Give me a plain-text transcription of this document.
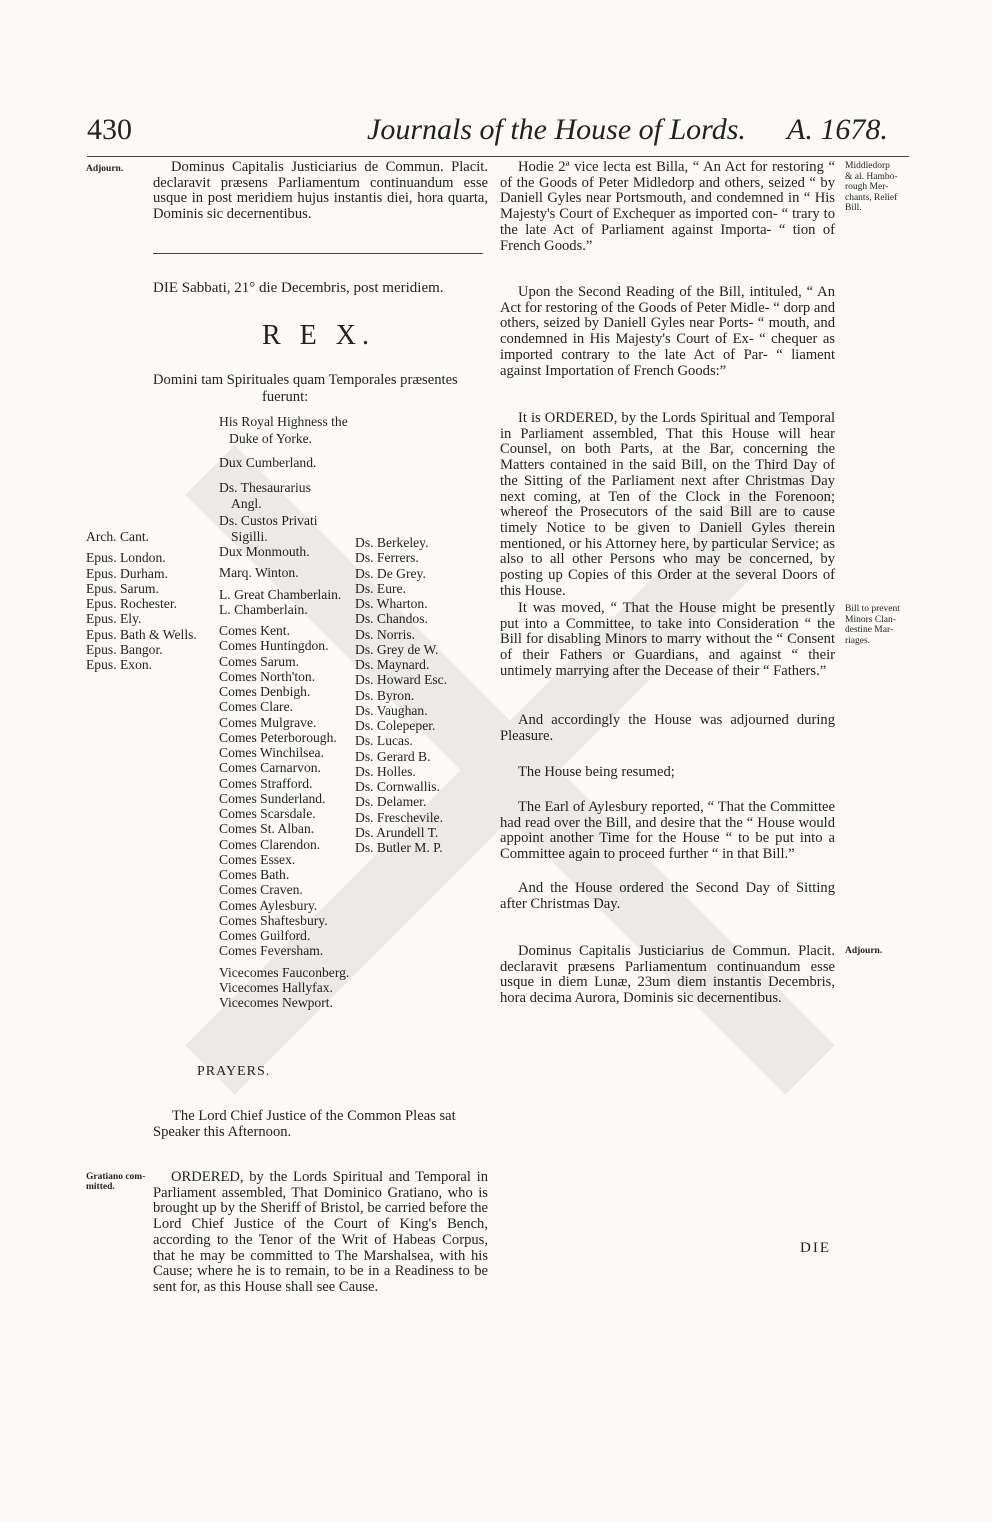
430	Journals of the House of Lords. A. 1678.
Adjourn.	Dominus Capitalis Justiciarius de Commun. Placit. declaravit præsens Parliamentum continuandum esse usque in post meridiem hujus instantis diei, hora quarta, Dominis sic decernentibus.

DIE Sabbati, 21° die Decembris, post meridiem.
R E X.
Domini tam Spirituales quam Temporales præsentes
fuerunt:
His Royal Highness the
Duke of Yorke.
Dux Cumberland.
Ds. Thesaurarius
Angl.
Ds. Custos Privati
Sigilli.
Arch. Cant.
Epus. London.
Epus. Durham.
Epus. Sarum.
Epus. Rochester.
Epus. Ely.
Epus. Bath & Wells.
Epus. Bangor.
Epus. Exon.
Dux Monmouth.
Marq. Winton.
L. Great Chamberlain.
L. Chamberlain.
Comes Kent.
Comes Huntingdon.
Comes Sarum.
Comes North'ton.
Comes Denbigh.
Comes Clare.
Comes Mulgrave.
Comes Peterborough.
Comes Winchilsea.
Comes Carnarvon.
Comes Strafford.
Comes Sunderland.
Comes Scarsdale.
Comes St. Alban.
Comes Clarendon.
Comes Essex.
Comes Bath.
Comes Craven.
Comes Aylesbury.
Comes Shaftesbury.
Comes Guilford.
Comes Feversham.
Vicecomes Fauconberg.
Vicecomes Hallyfax.
Vicecomes Newport.
Ds. Berkeley.
Ds. Ferrers.
Ds. De Grey.
Ds. Eure.
Ds. Wharton.
Ds. Chandos.
Ds. Norris.
Ds. Grey de W.
Ds. Maynard.
Ds. Howard Esc.
Ds. Byron.
Ds. Vaughan.
Ds. Colepeper.
Ds. Lucas.
Ds. Gerard B.
Ds. Holles.
Ds. Cornwallis.
Ds. Delamer.
Ds. Freschevile.
Ds. Arundell T.
Ds. Butler M. P.
PRAYERS.
The Lord Chief Justice of the Common Pleas sat
Speaker this Afternoon.
Gratiano com-
mitted.

ORDERED, by the Lords Spiritual and Temporal in Parliament assembled, That Dominico Gratiano, who is brought up by the Sheriff of Bristol, be carried before the Lord Chief Justice of the Court of King's Bench, according to the Tenor of the Writ of Habeas Corpus, that he may be committed to The Marshalsea, with his Cause; where he is to remain, to be in a Readiness to be sent for, as this House shall see Cause.

Hodie 2ª vice lecta est Billa, “ An Act for restoring “ of the Goods of Peter Midledorp and others, seized “ by Daniell Gyles near Portsmouth, and condemned in “ His Majesty's Court of Exchequer as imported con- “ trary to the late Act of Parliament against Importa- “ tion of French Goods.”

Middledorp
& al. Hambo-
rough Mer-
chants, Relief
Bill.

Upon the Second Reading of the Bill, intituled, “ An Act for restoring of the Goods of Peter Midle- “ dorp and others, seized by Daniell Gyles near Ports- “ mouth, and condemned in His Majesty's Court of Ex- “ chequer as imported contrary to the late Act of Par- “ liament against Importation of French Goods:”

It is ORDERED, by the Lords Spiritual and Temporal in Parliament assembled, That this House will hear Counsel, on both Parts, at the Bar, concerning the Matters contained in the said Bill, on the Third Day of the Sitting of the Parliament next after Christmas Day next coming, at Ten of the Clock in the Forenoon; whereof the Prosecutors of the said Bill are to cause timely Notice to be given to Daniell Gyles therein mentioned, or his Attorney here, by particular Service; as also to all other Persons who may be concerned, by posting up Copies of this Order at the several Doors of this House.

It was moved, “ That the House might be presently put into a Committee, to take into Consideration “ the Bill for disabling Minors to marry without the “ Consent of their Fathers or Guardians, and against “ their untimely marrying after the Decease of their “ Fathers.”

Bill to prevent
Minors Clan-
destine Mar-
riages.

And accordingly the House was adjourned during Pleasure.

The House being resumed;

The Earl of Aylesbury reported, “ That the Committee had read over the Bill, and desire that the “ House would appoint another Time for the House “ to be put into a Committee again to proceed further “ in that Bill.”

And the House ordered the Second Day of Sitting after Christmas Day.

Adjourn.

Dominus Capitalis Justiciarius de Commun. Placit. declaravit præsens Parliamentum continuandum esse usque in diem Lunæ, 23um diem instantis Decembris, hora decima Aurora, Dominis sic decernentibus.

DIE
